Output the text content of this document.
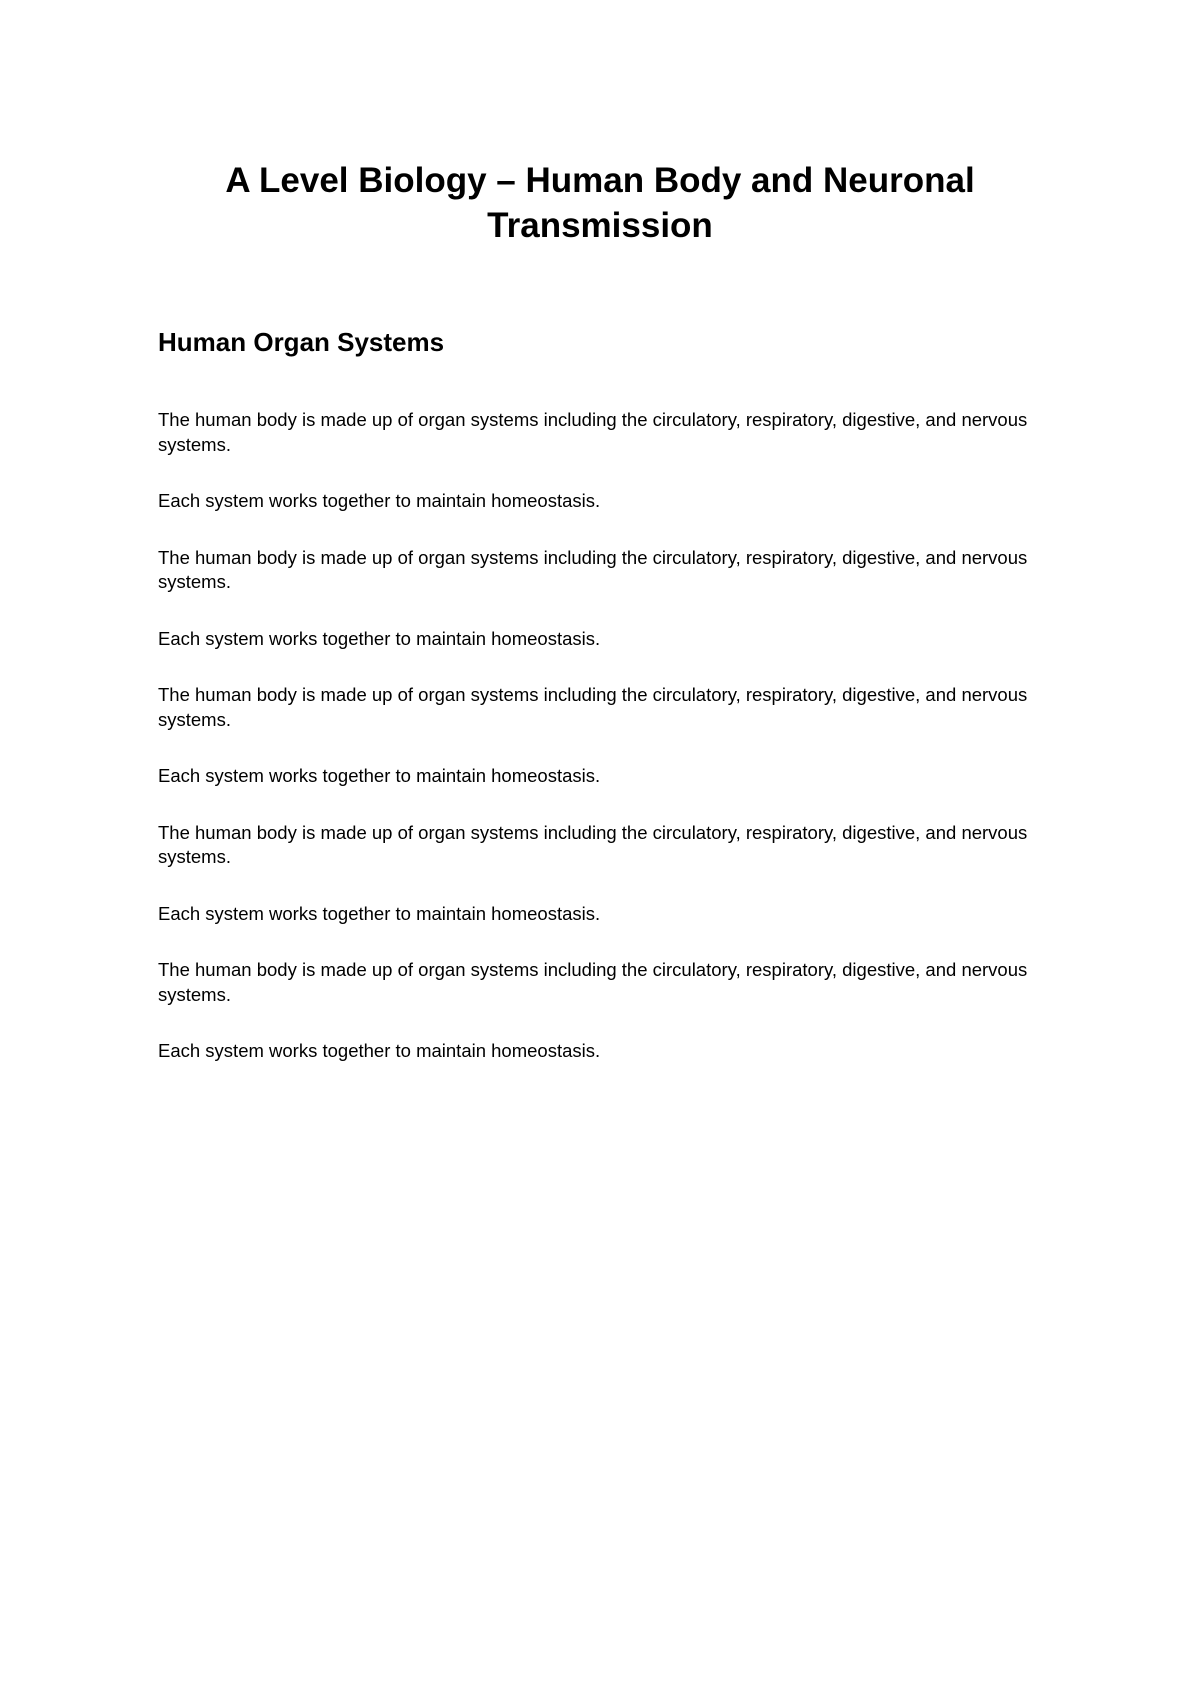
A Level Biology – Human Body and Neuronal Transmission
Human Organ Systems

The human body is made up of organ systems including the circulatory, respiratory, digestive, and nervous systems.

Each system works together to maintain homeostasis.

The human body is made up of organ systems including the circulatory, respiratory, digestive, and nervous systems.

Each system works together to maintain homeostasis.

The human body is made up of organ systems including the circulatory, respiratory, digestive, and nervous systems.

Each system works together to maintain homeostasis.

The human body is made up of organ systems including the circulatory, respiratory, digestive, and nervous systems.

Each system works together to maintain homeostasis.

The human body is made up of organ systems including the circulatory, respiratory, digestive, and nervous systems.

Each system works together to maintain homeostasis.
